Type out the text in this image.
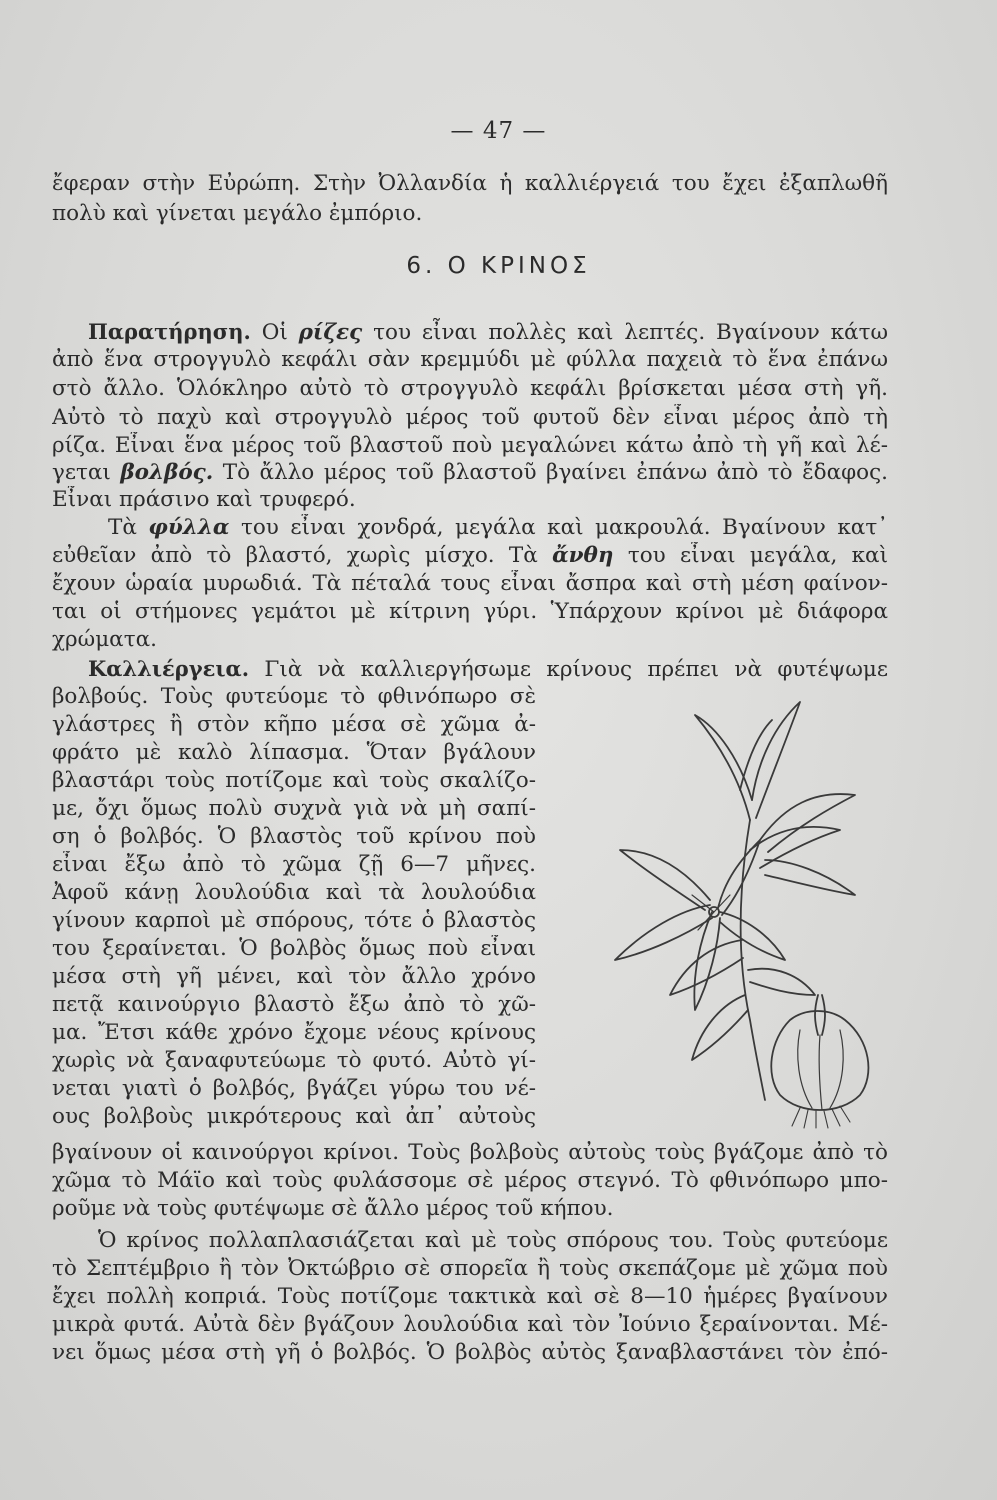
— 47 —
ἔφεραν στὴν Εὐρώπη. Στὴν Ὀλλανδία ἡ καλλιέργειά του ἔχει ἐξαπλωθῆ
πολὺ καὶ γίνεται μεγάλο ἐμπόριο.
6. Ο ΚΡΙΝΟΣ
Παρατήρηση. Οἱ ρίζες του εἶναι πολλὲς καὶ λεπτές. Βγαίνουν κάτω
ἀπὸ ἕνα στρογγυλὸ κεφάλι σὰν κρεμμύδι μὲ φύλλα παχειὰ τὸ ἕνα ἐπάνω
στὸ ἄλλο. Ὁλόκληρο αὐτὸ τὸ στρογγυλὸ κεφάλι βρίσκεται μέσα στὴ γῆ.
Αὐτὸ τὸ παχὺ καὶ στρογγυλὸ μέρος τοῦ φυτοῦ δὲν εἶναι μέρος ἀπὸ τὴ
ρίζα. Εἶναι ἕνα μέρος τοῦ βλαστοῦ ποὺ μεγαλώνει κάτω ἀπὸ τὴ γῆ καὶ λέ-
γεται βολβός. Τὸ ἄλλο μέρος τοῦ βλαστοῦ βγαίνει ἐπάνω ἀπὸ τὸ ἔδαφος.
Εἶναι πράσινο καὶ τρυφερό.
Τὰ φύλλα του εἶναι χονδρά, μεγάλα καὶ μακρουλά. Βγαίνουν κατ᾿
εὐθεῖαν ἀπὸ τὸ βλαστό, χωρὶς μίσχο. Τὰ ἄνθη του εἶναι μεγάλα, καὶ
ἔχουν ὡραία μυρωδιά. Τὰ πέταλά τους εἶναι ἄσπρα καὶ στὴ μέση φαίνον-
ται οἱ στήμονες γεμάτοι μὲ κίτρινη γύρι. Ὑπάρχουν κρίνοι μὲ διάφορα
χρώματα.
Καλλιέργεια. Γιὰ νὰ καλλιεργήσωμε κρίνους πρέπει νὰ φυτέψωμε
βολβούς. Τοὺς φυτεύομε τὸ φθινόπωρο σὲ
γλάστρες ἢ στὸν κῆπο μέσα σὲ χῶμα ἀ-
φράτο μὲ καλὸ λίπασμα. Ὅταν βγάλουν
βλαστάρι τοὺς ποτίζομε καὶ τοὺς σκαλίζο-
με, ὄχι ὅμως πολὺ συχνὰ γιὰ νὰ μὴ σαπί-
ση ὁ βολβός. Ὁ βλαστὸς τοῦ κρίνου ποὺ
εἶναι ἔξω ἀπὸ τὸ χῶμα ζῇ 6—7 μῆνες.
Ἀφοῦ κάνῃ λουλούδια καὶ τὰ λουλούδια
γίνουν καρποὶ μὲ σπόρους, τότε ὁ βλαστὸς
του ξεραίνεται. Ὁ βολβὸς ὅμως ποὺ εἶναι
μέσα στὴ γῆ μένει, καὶ τὸν ἄλλο χρόνο
πετᾷ καινούργιο βλαστὸ ἔξω ἀπὸ τὸ χῶ-
μα. Ἔτσι κάθε χρόνο ἔχομε νέους κρίνους
χωρὶς νὰ ξαναφυτεύωμε τὸ φυτό. Αὐτὸ γί-
νεται γιατὶ ὁ βολβός, βγάζει γύρω του νέ-
ους βολβοὺς μικρότερους καὶ ἀπ᾿ αὐτοὺς
βγαίνουν οἱ καινούργοι κρίνοι. Τοὺς βολβοὺς αὐτοὺς τοὺς βγάζομε ἀπὸ τὸ
χῶμα τὸ Μάϊο καὶ τοὺς φυλάσσομε σὲ μέρος στεγνό. Τὸ φθινόπωρο μπο-
ροῦμε νὰ τοὺς φυτέψωμε σὲ ἄλλο μέρος τοῦ κήπου.
Ὁ κρίνος πολλαπλασιάζεται καὶ μὲ τοὺς σπόρους του. Τοὺς φυτεύομε
τὸ Σεπτέμβριο ἢ τὸν Ὀκτώβριο σὲ σπορεῖα ἢ τοὺς σκεπάζομε μὲ χῶμα ποὺ
ἔχει πολλὴ κοπριά. Τοὺς ποτίζομε τακτικὰ καὶ σὲ 8—10 ἡμέρες βγαίνουν
μικρὰ φυτά. Αὐτὰ δὲν βγάζουν λουλούδια καὶ τὸν Ἰούνιο ξεραίνονται. Μέ-
νει ὅμως μέσα στὴ γῆ ὁ βολβός. Ὁ βολβὸς αὐτὸς ξαναβλαστάνει τὸν ἐπό-
